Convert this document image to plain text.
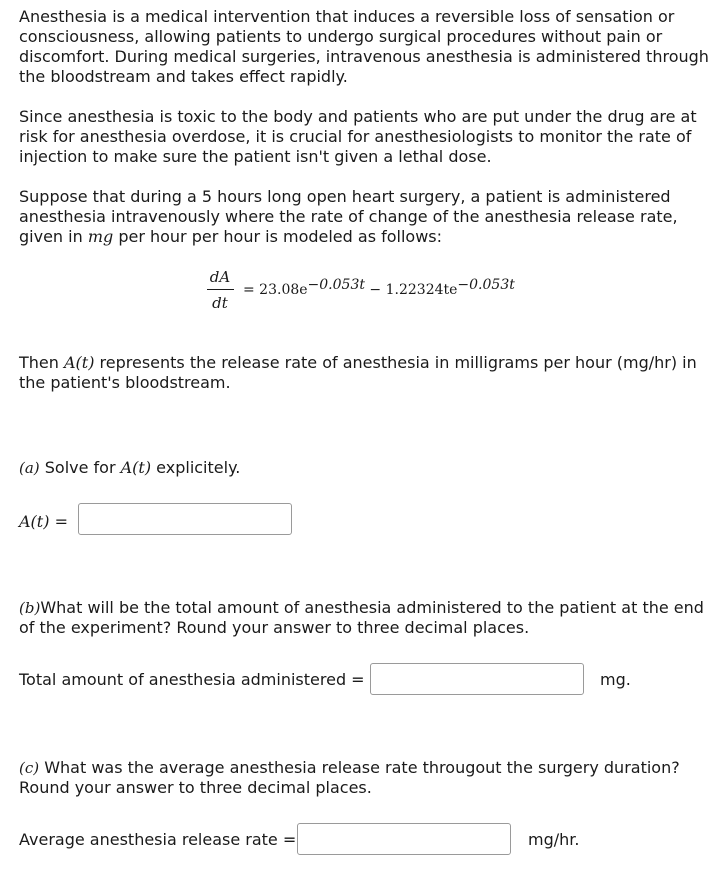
Anesthesia is a medical intervention that induces a reversible loss of sensation or consciousness, allowing patients to undergo surgical procedures without pain or discomfort. During medical surgeries, intravenous anesthesia is administered through the bloodstream and takes effect rapidly.

Since anesthesia is toxic to the body and patients who are put under the drug are at risk for anesthesia overdose, it is crucial for anesthesiologists to monitor the rate of injection to make sure the patient isn't given a lethal dose.

Suppose that during a 5 hours long open heart surgery, a patient is administered anesthesia intravenously where the rate of change of the anesthesia release rate, given in mg per hour per hour is modeled as follows:

dA
dt
= $23.08e^{-0.053t} - 1.22324te^{-0.053t}$

Then A(t) represents the release rate of anesthesia in milligrams per hour (mg/hr) in the patient's bloodstream.

(a) Solve for A(t) explicitely.
A(t) =

(b)What will be the total amount of anesthesia administered to the patient at the end of the experiment? Round your answer to three decimal places.

Total amount of anesthesia administered =	mg.

(c) What was the average anesthesia release rate througout the surgery duration? Round your answer to three decimal places.

Average anesthesia release rate =	mg/hr.
